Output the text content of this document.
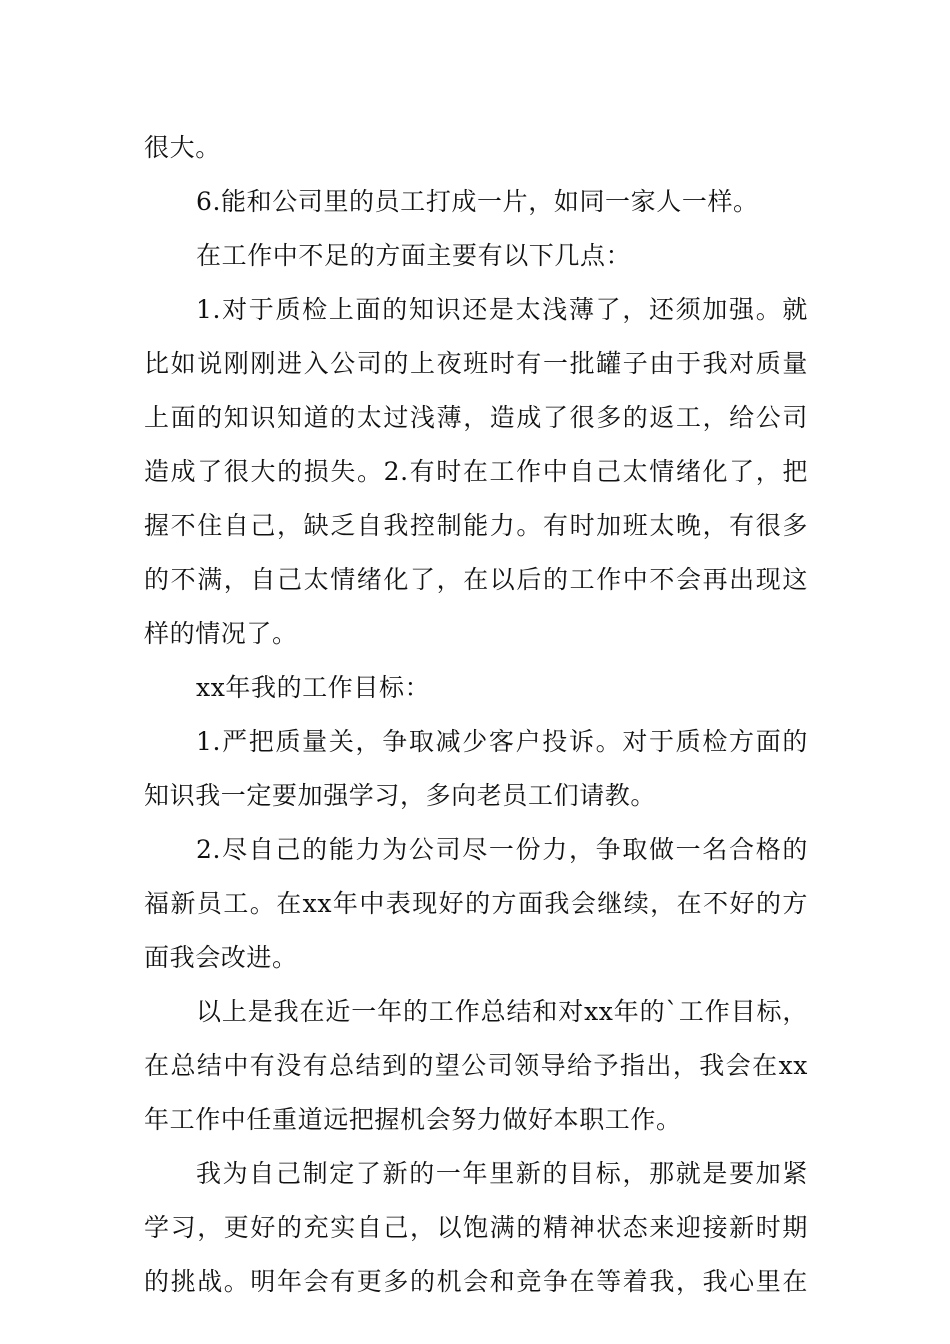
很大。
6.能和公司里的员工打成一片，如同一家人一样。
在工作中不足的方面主要有以下几点：
1.对于质检上面的知识还是太浅薄了，还须加强。就
比如说刚刚进入公司的上夜班时有一批罐子由于我对质量
上面的知识知道的太过浅薄，造成了很多的返工，给公司
造成了很大的损失。2.有时在工作中自己太情绪化了，把
握不住自己，缺乏自我控制能力。有时加班太晚，有很多
的不满，自己太情绪化了，在以后的工作中不会再出现这
样的情况了。
xx年我的工作目标：
1.严把质量关，争取减少客户投诉。对于质检方面的
知识我一定要加强学习，多向老员工们请教。
2.尽自己的能力为公司尽一份力，争取做一名合格的
福新员工。在xx年中表现好的方面我会继续，在不好的方
面我会改进。
以上是我在近一年的工作总结和对xx年的`工作目标，
在总结中有没有总结到的望公司领导给予指出，我会在xx
年工作中任重道远把握机会努力做好本职工作。
我为自己制定了新的一年里新的目标，那就是要加紧
学习，更好的充实自己，以饱满的精神状态来迎接新时期
的挑战。明年会有更多的机会和竞争在等着我，我心里在
